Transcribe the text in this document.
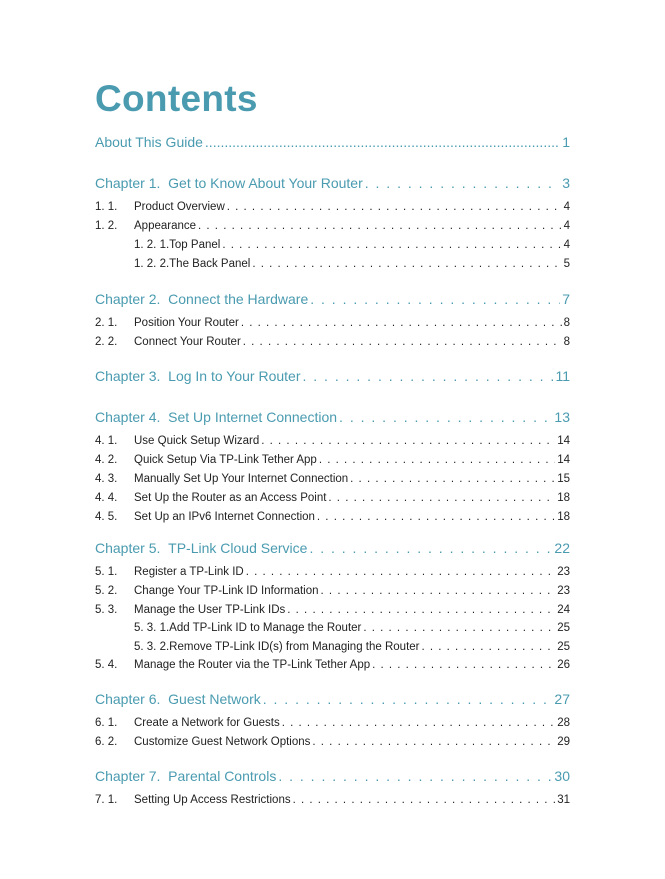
Contents
About This Guide .....	1
Chapter 1. Get to Know About Your Router . . .	3
1. 1. Product Overview . . .	4
1. 2. Appearance . . .	4
1. 2. 1.Top Panel . . .	4
1. 2. 2.The Back Panel . . .	5
Chapter 2. Connect the Hardware . . .	7
2. 1. Position Your Router . . .	8
2. 2. Connect Your Router . . .	8
Chapter 3. Log In to Your Router . . .	11
Chapter 4. Set Up Internet Connection . . .	13
4. 1. Use Quick Setup Wizard . . .	14
4. 2. Quick Setup Via TP-Link Tether App . . .	14
4. 3. Manually Set Up Your Internet Connection . . .	15
4. 4. Set Up the Router as an Access Point . . .	18
4. 5. Set Up an IPv6 Internet Connection . . .	18
Chapter 5. TP-Link Cloud Service . . .	22
5. 1. Register a TP-Link ID . . .	23
5. 2. Change Your TP-Link ID Information . . .	23
5. 3. Manage the User TP-Link IDs . . .	24
5. 3. 1.Add TP-Link ID to Manage the Router . . .	25
5. 3. 2.Remove TP-Link ID(s) from Managing the Router . . .	25
5. 4. Manage the Router via the TP-Link Tether App . . .	26
Chapter 6. Guest Network . . .	27
6. 1. Create a Network for Guests . . .	28
6. 2. Customize Guest Network Options . . .	29
Chapter 7. Parental Controls . . .	30
7. 1. Setting Up Access Restrictions . . .	31
